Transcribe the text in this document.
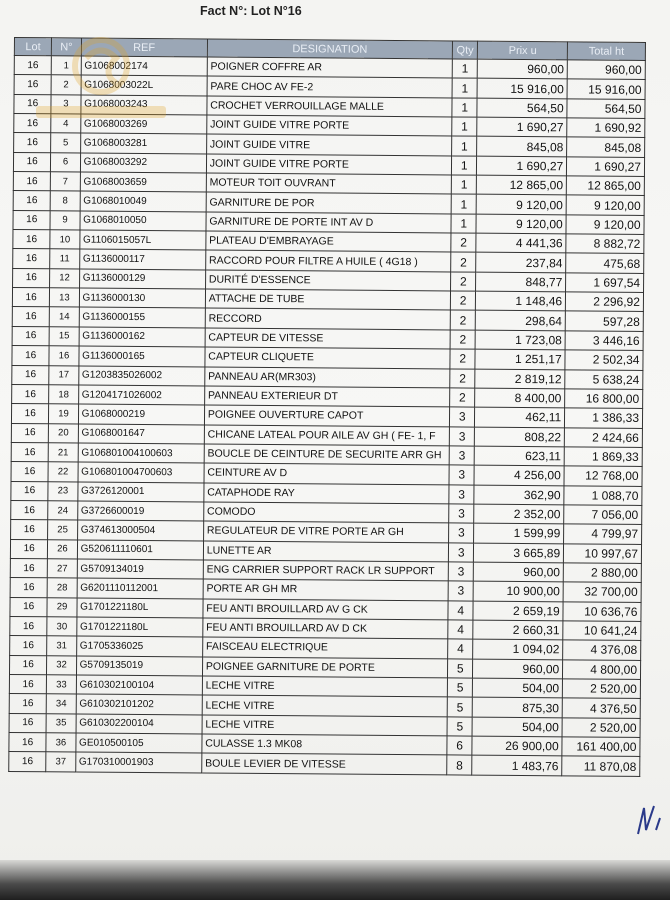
Fact N°: Lot N°16
Lot	N°	REF	DESIGNATION	Qty	Prix u	Total ht
16	1	G1068002174	POIGNER COFFRE AR	1	960,00	960,00
16	2	G1068003022L	PARE CHOC AV FE-2	1	15 916,00	15 916,00
16	3	G1068003243	CROCHET VERROUILLAGE MALLE	1	564,50	564,50
16	4	G1068003269	JOINT GUIDE VITRE PORTE	1	1 690,27	1 690,92
16	5	G1068003281	JOINT GUIDE VITRE	1	845,08	845,08
16	6	G1068003292	JOINT GUIDE VITRE PORTE	1	1 690,27	1 690,27
16	7	G1068003659	MOTEUR TOIT OUVRANT	1	12 865,00	12 865,00
16	8	G1068010049	GARNITURE DE POR	1	9 120,00	9 120,00
16	9	G1068010050	GARNITURE DE PORTE INT AV D	1	9 120,00	9 120,00
16	10	G1106015057L	PLATEAU D'EMBRAYAGE	2	4 441,36	8 882,72
16	11	G1136000117	RACCORD POUR FILTRE A HUILE ( 4G18 )	2	237,84	475,68
16	12	G1136000129	DURITÉ D'ESSENCE	2	848,77	1 697,54
16	13	G1136000130	ATTACHE DE TUBE	2	1 148,46	2 296,92
16	14	G1136000155	RECCORD	2	298,64	597,28
16	15	G1136000162	CAPTEUR DE VITESSE	2	1 723,08	3 446,16
16	16	G1136000165	CAPTEUR CLIQUETE	2	1 251,17	2 502,34
16	17	G1203835026002	PANNEAU AR(MR303)	2	2 819,12	5 638,24
16	18	G1204171026002	PANNEAU EXTERIEUR DT	2	8 400,00	16 800,00
16	19	G1068000219	POIGNEE OUVERTURE CAPOT	3	462,11	1 386,33
16	20	G1068001647	CHICANE LATEAL POUR AILE AV GH ( FE- 1, F	3	808,22	2 424,66
16	21	G106801004100603	BOUCLE DE CEINTURE DE SECURITE ARR GH	3	623,11	1 869,33
16	22	G106801004700603	CEINTURE AV D	3	4 256,00	12 768,00
16	23	G3726120001	CATAPHODE RAY	3	362,90	1 088,70
16	24	G3726600019	COMODO	3	2 352,00	7 056,00
16	25	G374613000504	REGULATEUR DE VITRE PORTE AR GH	3	1 599,99	4 799,97
16	26	G520611110601	LUNETTE AR	3	3 665,89	10 997,67
16	27	G5709134019	ENG CARRIER SUPPORT RACK LR SUPPORT	3	960,00	2 880,00
16	28	G6201110112001	PORTE AR GH MR	3	10 900,00	32 700,00
16	29	G1701221180L	FEU ANTI BROUILLARD AV G CK	4	2 659,19	10 636,76
16	30	G1701221180L	FEU ANTI BROUILLARD AV D CK	4	2 660,31	10 641,24
16	31	G1705336025	FAISCEAU ELECTRIQUE	4	1 094,02	4 376,08
16	32	G5709135019	POIGNEE GARNITURE DE PORTE	5	960,00	4 800,00
16	33	G610302100104	LECHE VITRE	5	504,00	2 520,00
16	34	G610302101202	LECHE VITRE	5	875,30	4 376,50
16	35	G610302200104	LECHE VITRE	5	504,00	2 520,00
16	36	GE010500105	CULASSE 1.3 MK08	6	26 900,00	161 400,00
16	37	G170310001903	BOULE LEVIER DE VITESSE	8	1 483,76	11 870,08
